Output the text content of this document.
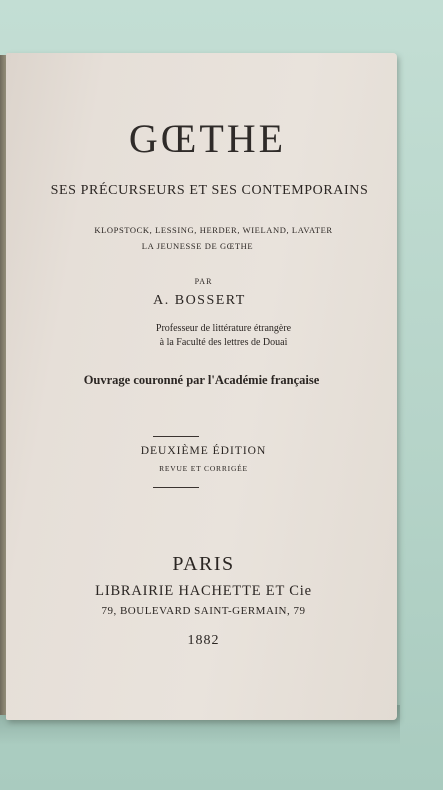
GŒTHE
SES PRÉCURSEURS ET SES CONTEMPORAINS
KLOPSTOCK, LESSING, HERDER, WIELAND, LAVATER
LA JEUNESSE DE GŒTHE
PAR
A. BOSSERT
Professeur de littérature étrangère
à la Faculté des lettres de Douai
Ouvrage couronné par l'Académie française
DEUXIÈME ÉDITION
REVUE ET CORRIGÉE
PARIS
LIBRAIRIE HACHETTE ET Cie
79, BOULEVARD SAINT-GERMAIN, 79
1882
